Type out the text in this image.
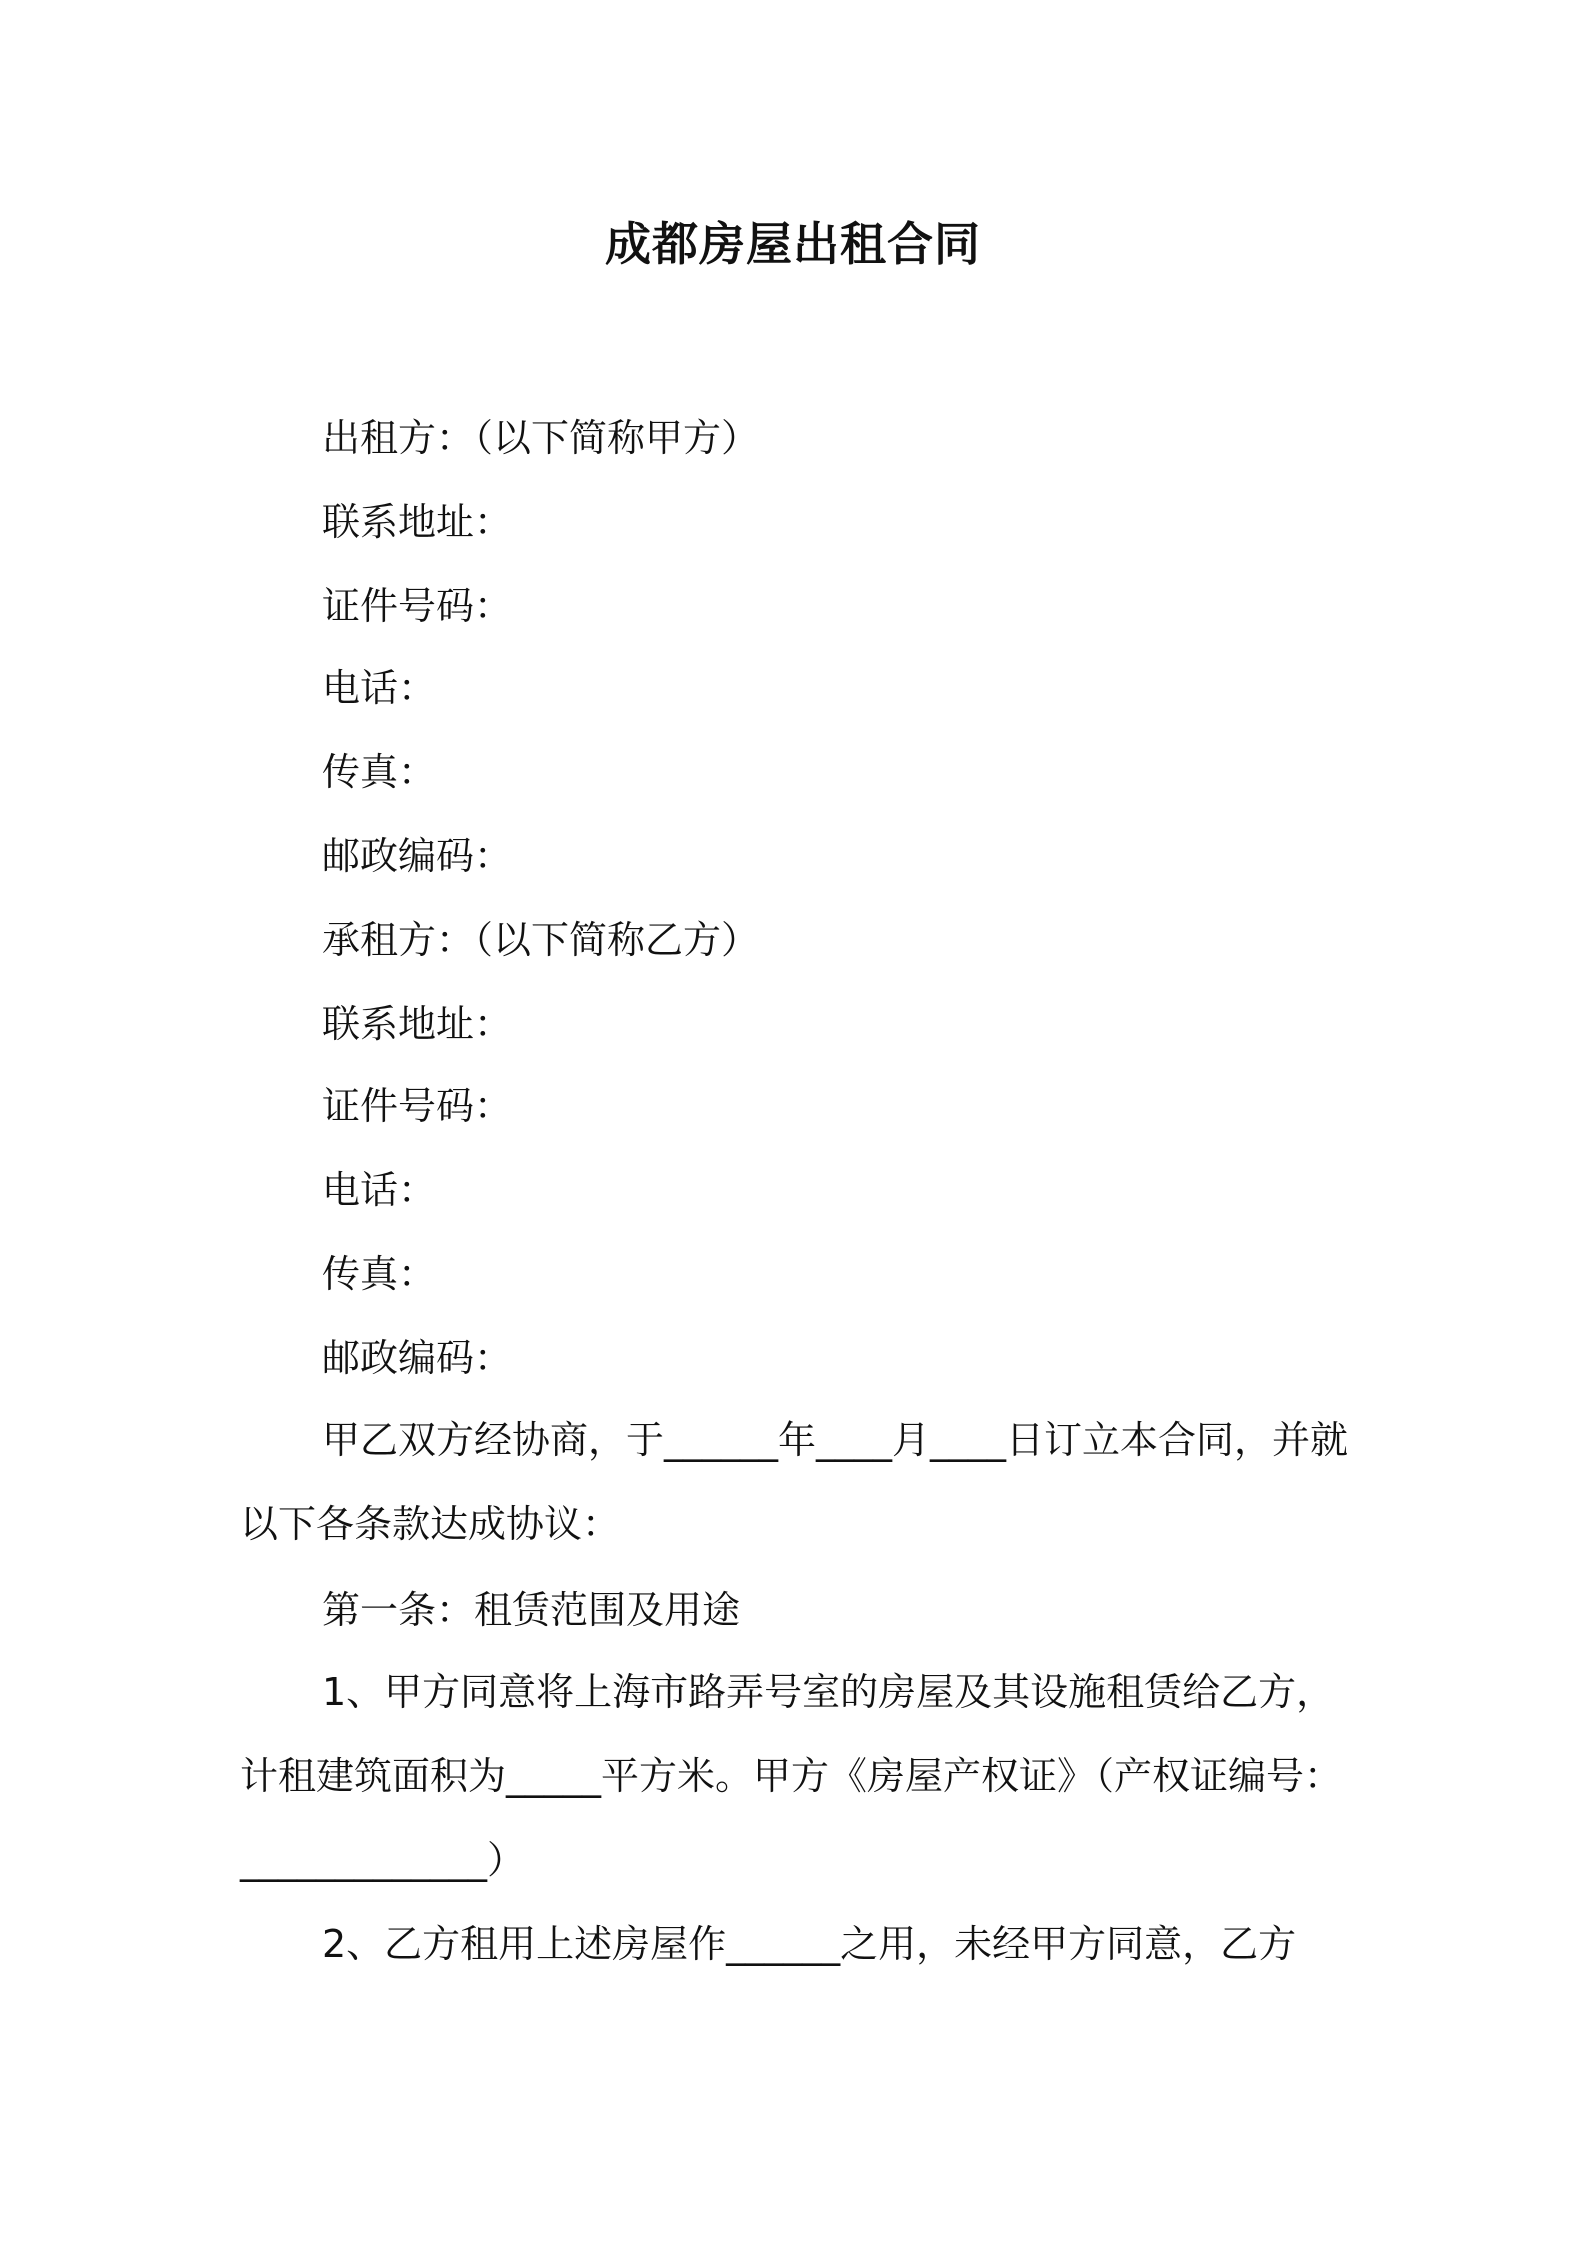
成都房屋出租合同
出租方：（以下简称甲方）
联系地址：
证件号码：
电话：
传真：
邮政编码：
承租方：（以下简称乙方）
联系地址：
证件号码：
电话：
传真：
邮政编码：
甲乙双方经协商，于______年____月____日订立本合同，并就以下各条款达成协议：
第一条：租赁范围及用途
1、甲方同意将上海市路弄号室的房屋及其设施租赁给乙方，计租建筑面积为_____平方米。甲方《房屋产权证》（产权证编号：_____________）
2、乙方租用上述房屋作______之用，未经甲方同意，乙方
